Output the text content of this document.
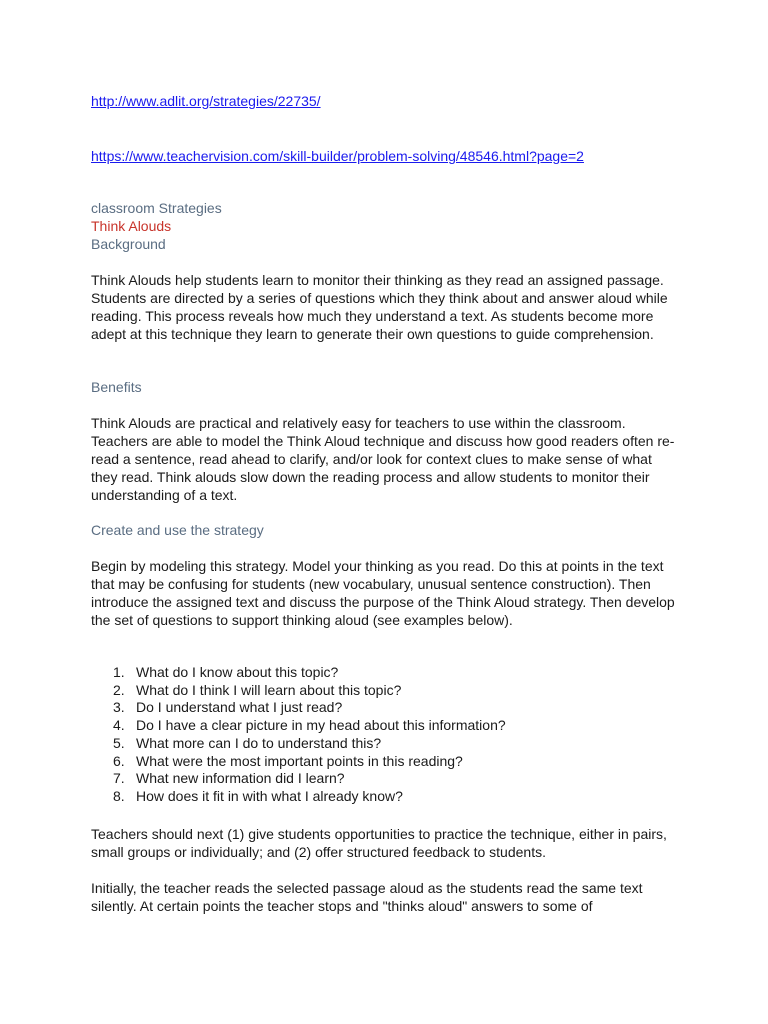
http://www.adlit.org/strategies/22735/
https://www.teachervision.com/skill-builder/problem-solving/48546.html?page=2
classroom Strategies
Think Alouds
Background

Think Alouds help students learn to monitor their thinking as they read an assigned passage. Students are directed by a series of questions which they think about and answer aloud while reading. This process reveals how much they understand a text. As students become more adept at this technique they learn to generate their own questions to guide comprehension.

Benefits

Think Alouds are practical and relatively easy for teachers to use within the classroom. Teachers are able to model the Think Aloud technique and discuss how good readers often re-read a sentence, read ahead to clarify, and/or look for context clues to make sense of what they read. Think alouds slow down the reading process and allow students to monitor their understanding of a text.

Create and use the strategy

Begin by modeling this strategy. Model your thinking as you read. Do this at points in the text that may be confusing for students (new vocabulary, unusual sentence construction). Then introduce the assigned text and discuss the purpose of the Think Aloud strategy. Then develop the set of questions to support thinking aloud (see examples below).

1. What do I know about this topic?
2. What do I think I will learn about this topic?
3. Do I understand what I just read?
4. Do I have a clear picture in my head about this information?
5. What more can I do to understand this?
6. What were the most important points in this reading?
7. What new information did I learn?
8. How does it fit in with what I already know?

Teachers should next (1) give students opportunities to practice the technique, either in pairs, small groups or individually; and (2) offer structured feedback to students.

Initially, the teacher reads the selected passage aloud as the students read the same text silently. At certain points the teacher stops and "thinks aloud" answers to some of
